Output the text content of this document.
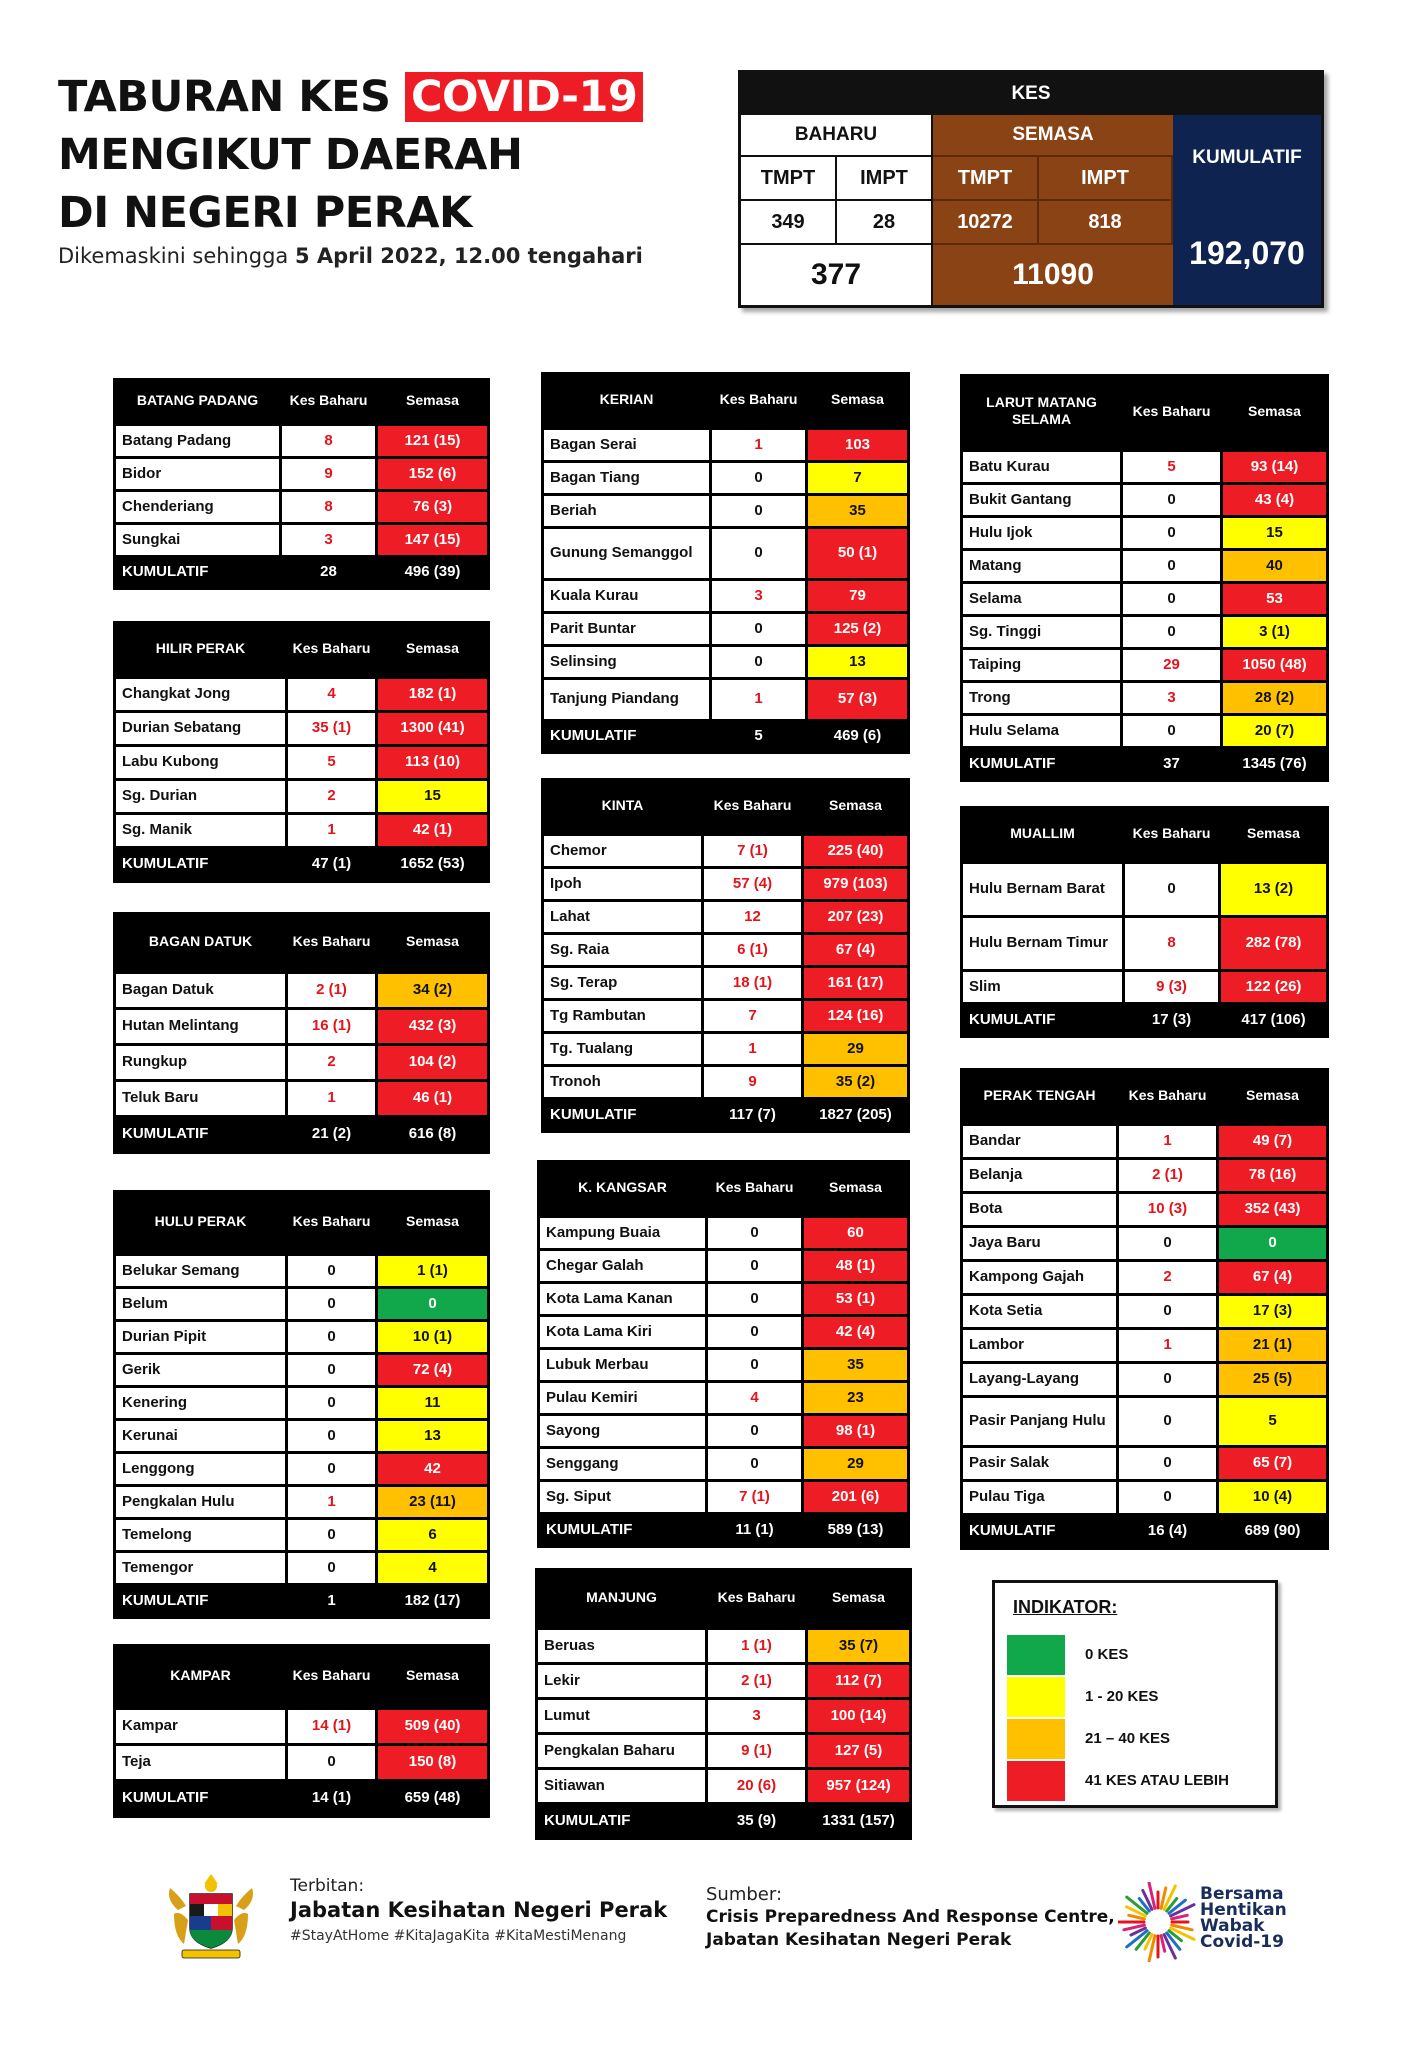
TABURAN KES COVID-19
MENGIKUT DAERAH
DI NEGERI PERAK
Dikemaskini sehingga 5 April 2022, 12.00 tengahari
KES
BAHARU	SEMASA
KUMULATIF
TMPT	IMPT	TMPT	IMPT
349	28	10272	818
377	11090
192,070
BATANG PADANG	Kes Baharu	Semasa
Batang Padang	8	121 (15)
Bidor	9	152 (6)
Chenderiang	8	76 (3)
Sungkai	3	147 (15)
KUMULATIF	28	496 (39)
HILIR PERAK	Kes Baharu	Semasa
Changkat Jong	4	182 (1)
Durian Sebatang	35 (1)	1300 (41)
Labu Kubong	5	113 (10)
Sg. Durian	2	15
Sg. Manik	1	42 (1)
KUMULATIF	47 (1)	1652 (53)
BAGAN DATUK	Kes Baharu	Semasa
Bagan Datuk	2 (1)	34 (2)
Hutan Melintang	16 (1)	432 (3)
Rungkup	2	104 (2)
Teluk Baru	1	46 (1)
KUMULATIF	21 (2)	616 (8)
HULU PERAK	Kes Baharu	Semasa
Belukar Semang	0	1 (1)
Belum	0	0
Durian Pipit	0	10 (1)
Gerik	0	72 (4)
Kenering	0	11
Kerunai	0	13
Lenggong	0	42
Pengkalan Hulu	1	23 (11)
Temelong	0	6
Temengor	0	4
KUMULATIF	1	182 (17)
KAMPAR	Kes Baharu	Semasa
Kampar	14 (1)	509 (40)
Teja	0	150 (8)
KUMULATIF	14 (1)	659 (48)
KERIAN	Kes Baharu	Semasa
Bagan Serai	1	103
Bagan Tiang	0	7
Beriah	0	35
Gunung Semanggol	0	50 (1)
Kuala Kurau	3	79
Parit Buntar	0	125 (2)
Selinsing	0	13
Tanjung Piandang	1	57 (3)
KUMULATIF	5	469 (6)
KINTA	Kes Baharu	Semasa
Chemor	7 (1)	225 (40)
Ipoh	57 (4)	979 (103)
Lahat	12	207 (23)
Sg. Raia	6 (1)	67 (4)
Sg. Terap	18 (1)	161 (17)
Tg Rambutan	7	124 (16)
Tg. Tualang	1	29
Tronoh	9	35 (2)
KUMULATIF	117 (7)	1827 (205)
K. KANGSAR	Kes Baharu	Semasa
Kampung Buaia	0	60
Chegar Galah	0	48 (1)
Kota Lama Kanan	0	53 (1)
Kota Lama Kiri	0	42 (4)
Lubuk Merbau	0	35
Pulau Kemiri	4	23
Sayong	0	98 (1)
Senggang	0	29
Sg. Siput	7 (1)	201 (6)
KUMULATIF	11 (1)	589 (13)
MANJUNG	Kes Baharu	Semasa
Beruas	1 (1)	35 (7)
Lekir	2 (1)	112 (7)
Lumut	3	100 (14)
Pengkalan Baharu	9 (1)	127 (5)
Sitiawan	20 (6)	957 (124)
KUMULATIF	35 (9)	1331 (157)
LARUT MATANG SELAMA	Kes Baharu	Semasa
Batu Kurau	5	93 (14)
Bukit Gantang	0	43 (4)
Hulu Ijok	0	15
Matang	0	40
Selama	0	53
Sg. Tinggi	0	3 (1)
Taiping	29	1050 (48)
Trong	3	28 (2)
Hulu Selama	0	20 (7)
KUMULATIF	37	1345 (76)
MUALLIM	Kes Baharu	Semasa
Hulu Bernam Barat	0	13 (2)
Hulu Bernam Timur	8	282 (78)
Slim	9 (3)	122 (26)
KUMULATIF	17 (3)	417 (106)
PERAK TENGAH	Kes Baharu	Semasa
Bandar	1	49 (7)
Belanja	2 (1)	78 (16)
Bota	10 (3)	352 (43)
Jaya Baru	0	0
Kampong Gajah	2	67 (4)
Kota Setia	0	17 (3)
Lambor	1	21 (1)
Layang-Layang	0	25 (5)
Pasir Panjang Hulu	0	5
Pasir Salak	0	65 (7)
Pulau Tiga	0	10 (4)
KUMULATIF	16 (4)	689 (90)
INDIKATOR:
0 KES
1 - 20 KES
21 – 40 KES
41 KES ATAU LEBIH
Terbitan:
Jabatan Kesihatan Negeri Perak
#StayAtHome #KitaJagaKita #KitaMestiMenang
Sumber:
Crisis Preparedness And Response Centre,
Jabatan Kesihatan Negeri Perak
Bersama
Hentikan
Wabak
Covid-19
